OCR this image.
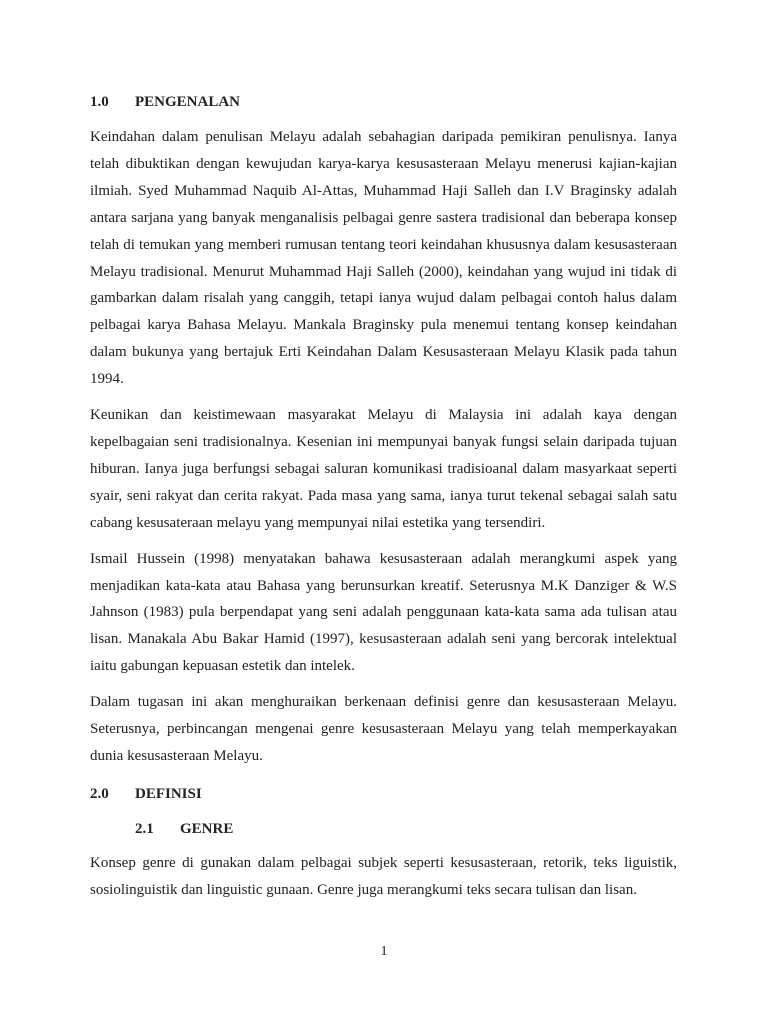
1.0	PENGENALAN

Keindahan dalam penulisan Melayu adalah sebahagian daripada pemikiran penulisnya. Ianya telah dibuktikan dengan kewujudan karya-karya kesusasteraan Melayu menerusi kajian-kajian ilmiah. Syed Muhammad Naquib Al-Attas, Muhammad Haji Salleh dan I.V Braginsky adalah antara sarjana yang banyak menganalisis pelbagai genre sastera tradisional dan beberapa konsep telah di temukan yang memberi rumusan tentang teori keindahan khususnya dalam kesusasteraan Melayu tradisional. Menurut Muhammad Haji Salleh (2000), keindahan yang wujud ini tidak di gambarkan dalam risalah yang canggih, tetapi ianya wujud dalam pelbagai contoh halus dalam pelbagai karya Bahasa Melayu. Mankala Braginsky pula menemui tentang konsep keindahan dalam bukunya yang bertajuk Erti Keindahan Dalam Kesusasteraan Melayu Klasik pada tahun 1994.

Keunikan dan keistimewaan masyarakat Melayu di Malaysia ini adalah kaya dengan kepelbagaian seni tradisionalnya. Kesenian ini mempunyai banyak fungsi selain daripada tujuan hiburan. Ianya juga berfungsi sebagai saluran komunikasi tradisioanal dalam masyarkaat seperti syair, seni rakyat dan cerita rakyat. Pada masa yang sama, ianya turut tekenal sebagai salah satu cabang kesusateraan melayu yang mempunyai nilai estetika yang tersendiri.

Ismail Hussein (1998) menyatakan bahawa kesusasteraan adalah merangkumi aspek yang menjadikan kata-kata atau Bahasa yang berunsurkan kreatif. Seterusnya M.K Danziger & W.S Jahnson (1983) pula berpendapat yang seni adalah penggunaan kata-kata sama ada tulisan atau lisan. Manakala Abu Bakar Hamid (1997), kesusasteraan adalah seni yang bercorak intelektual iaitu gabungan kepuasan estetik dan intelek.

Dalam tugasan ini akan menghuraikan berkenaan definisi genre dan kesusasteraan Melayu. Seterusnya, perbincangan mengenai genre kesusasteraan Melayu yang telah memperkayakan dunia kesusasteraan Melayu.

2.0	DEFINISI
2.1	GENRE

Konsep genre di gunakan dalam pelbagai subjek seperti kesusasteraan, retorik, teks liguistik, sosiolinguistik dan linguistic gunaan. Genre juga merangkumi teks secara tulisan dan lisan.

1
